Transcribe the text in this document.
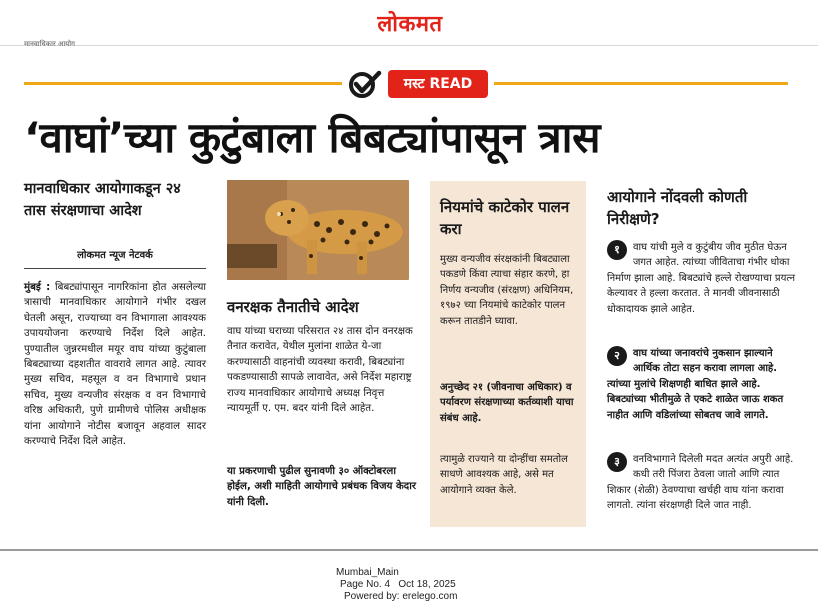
लोकमत
मानवाधिकार आयोग
मस्ट READ
‘वाघां’च्या कुटुंबाला बिबट्यांपासून त्रास
मानवाधिकार आयोगाकडून २४ तास संरक्षणाचा आदेश
लोकमत न्यूज नेटवर्क
मुंबई : बिबट्यांपासून नागरिकांना होत असलेल्या त्रासाची मानवाधिकार आयोगाने गंभीर दखल घेतली असून, राज्याच्या वन विभागाला आवश्यक उपाययोजना करण्याचे निर्देश दिले आहेत. पुण्यातील जुन्नरमधील मयूर वाघ यांच्या कुटुंबाला बिबट्याच्या दहशतीत वावरावे लागत आहे. त्यावर मुख्य सचिव, महसूल व वन विभागाचे प्रधान सचिव, मुख्य वन्यजीव संरक्षक व वन विभागाचे वरिष्ठ अधिकारी, पुणे ग्रामीणचे पोलिस अधीक्षक यांना आयोगाने नोटीस बजावून अहवाल सादर करण्याचे निर्देश दिले आहेत.
वनरक्षक तैनातीचे आदेश
वाघ यांच्या घराच्या परिसरात २४ तास दोन वनरक्षक तैनात करावेत, येथील मुलांना शाळेत ये-जा करण्यासाठी वाहनांची व्यवस्था करावी, बिबट्यांना पकडण्यासाठी सापळे लावावेत, असे निर्देश महाराष्ट्र राज्य मानवाधिकार आयोगाचे अध्यक्ष निवृत्त न्यायमूर्ती ए. एम. बदर यांनी दिले आहेत.
या प्रकरणाची पुढील सुनावणी ३० ऑक्टोबरला होईल, अशी माहिती आयोगाचे प्रबंधक विजय केदार यांनी दिली.
नियमांचे काटेकोर पालन करा
मुख्य वन्यजीव संरक्षकांनी बिबट्याला पकडणे किंवा त्याचा संहार करणे, हा निर्णय वन्यजीव (संरक्षण) अधिनियम, १९७२ च्या नियमांचे काटेकोर पालन करून तातडीने घ्यावा.
अनुच्छेद २१ (जीवनाचा अधिकार) व पर्यावरण संरक्षणाच्या कर्तव्याशी याचा संबंध आहे.
त्यामुळे राज्याने या दोन्हींचा समतोल साधणे आवश्यक आहे, असे मत आयोगाने व्यक्त केले.
आयोगाने नोंदवली कोणती निरीक्षणे?
१	वाघ यांची मुले व कुटुंबीय जीव मुठीत घेऊन जगत आहेत. त्यांच्या जीविताचा गंभीर धोका निर्माण झाला आहे. बिबट्यांचे हल्ले रोखण्याचा प्रयत्न केल्यावर ते हल्ला करतात. ते मानवी जीवनासाठी धोकादायक झाले आहेत.
२	वाघ यांच्या जनावरांचे नुकसान झाल्याने आर्थिक तोटा सहन करावा लागला आहे. त्यांच्या मुलांचे शिक्षणही बाधित झाले आहे. बिबट्यांच्या भीतीमुळे ते एकटे शाळेत जाऊ शकत नाहीत आणि वडिलांच्या सोबतच जावे लागते.
३	वनविभागाने दिलेली मदत अत्यंत अपुरी आहे. कधी तरी पिंजरा ठेवला जातो आणि त्यात शिकार (शेळी) ठेवण्याचा खर्चही वाघ यांना करावा लागतो. त्यांना संरक्षणही दिले जात नाही.
Mumbai_Main
Page No. 4 Oct 18, 2025
Powered by: erelego.com
